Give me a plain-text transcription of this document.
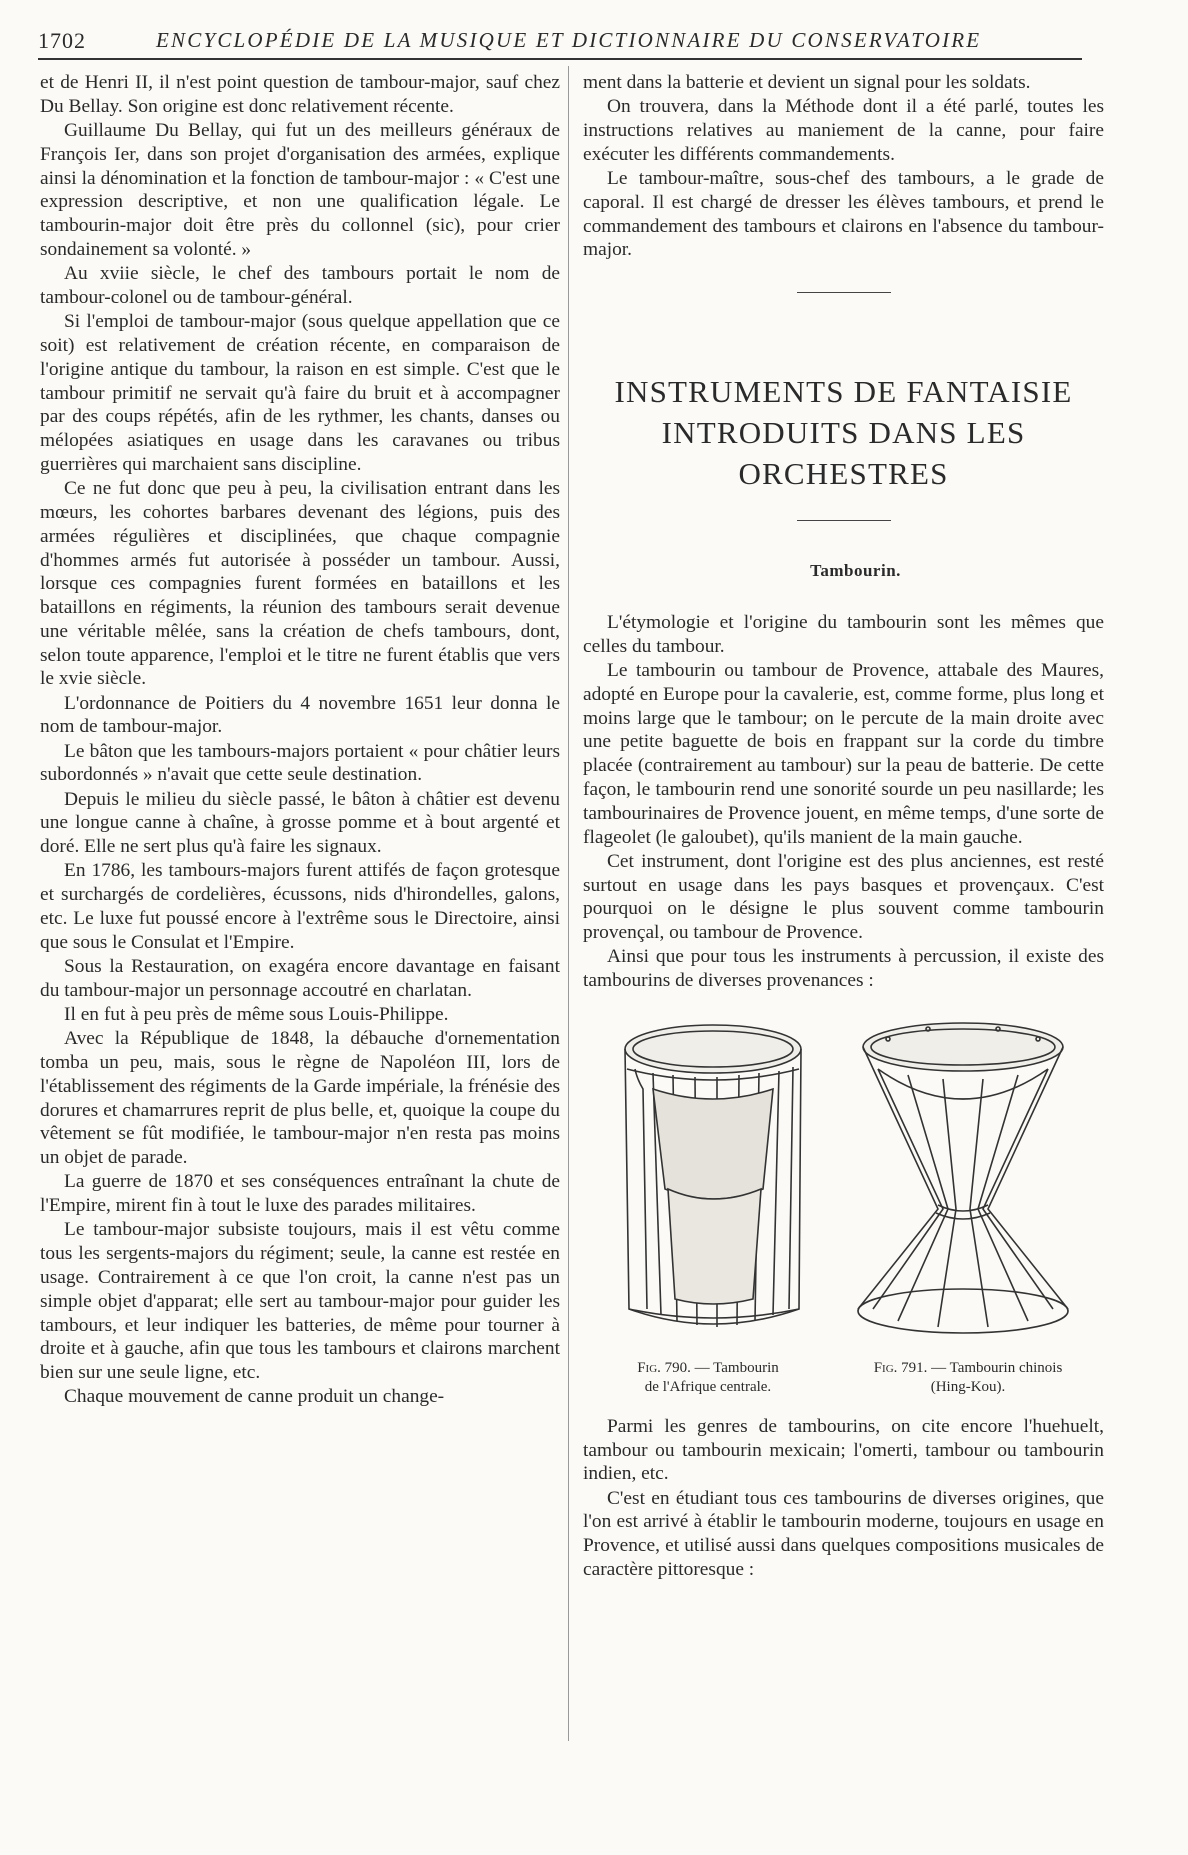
1702	ENCYCLOPÉDIE DE LA MUSIQUE ET DICTIONNAIRE DU CONSERVATOIRE

et de Henri II, il n'est point question de tambour-major, sauf chez Du Bellay. Son origine est donc relativement récente.

Guillaume Du Bellay, qui fut un des meilleurs généraux de François Ier, dans son projet d'organisation des armées, explique ainsi la dénomination et la fonction de tambour-major : « C'est une expression descriptive, et non une qualification légale. Le tambourin-major doit être près du collonnel (sic), pour crier sondainement sa volonté. »

Au xviie siècle, le chef des tambours portait le nom de tambour-colonel ou de tambour-général.

Si l'emploi de tambour-major (sous quelque appellation que ce soit) est relativement de création récente, en comparaison de l'origine antique du tambour, la raison en est simple. C'est que le tambour primitif ne servait qu'à faire du bruit et à accompagner par des coups répétés, afin de les rythmer, les chants, danses ou mélopées asiatiques en usage dans les caravanes ou tribus guerrières qui marchaient sans discipline.

Ce ne fut donc que peu à peu, la civilisation entrant dans les mœurs, les cohortes barbares devenant des légions, puis des armées régulières et disciplinées, que chaque compagnie d'hommes armés fut autorisée à posséder un tambour. Aussi, lorsque ces compagnies furent formées en bataillons et les bataillons en régiments, la réunion des tambours serait devenue une véritable mêlée, sans la création de chefs tambours, dont, selon toute apparence, l'emploi et le titre ne furent établis que vers le xvie siècle.

L'ordonnance de Poitiers du 4 novembre 1651 leur donna le nom de tambour-major.

Le bâton que les tambours-majors portaient « pour châtier leurs subordonnés » n'avait que cette seule destination.

Depuis le milieu du siècle passé, le bâton à châtier est devenu une longue canne à chaîne, à grosse pomme et à bout argenté et doré. Elle ne sert plus qu'à faire les signaux.

En 1786, les tambours-majors furent attifés de façon grotesque et surchargés de cordelières, écussons, nids d'hirondelles, galons, etc. Le luxe fut poussé encore à l'extrême sous le Directoire, ainsi que sous le Consulat et l'Empire.

Sous la Restauration, on exagéra encore davantage en faisant du tambour-major un personnage accoutré en charlatan.

Il en fut à peu près de même sous Louis-Philippe.

Avec la République de 1848, la débauche d'ornementation tomba un peu, mais, sous le règne de Napoléon III, lors de l'établissement des régiments de la Garde impériale, la frénésie des dorures et chamarrures reprit de plus belle, et, quoique la coupe du vêtement se fût modifiée, le tambour-major n'en resta pas moins un objet de parade.

La guerre de 1870 et ses conséquences entraînant la chute de l'Empire, mirent fin à tout le luxe des parades militaires.

Le tambour-major subsiste toujours, mais il est vêtu comme tous les sergents-majors du régiment; seule, la canne est restée en usage. Contrairement à ce que l'on croit, la canne n'est pas un simple objet d'apparat; elle sert au tambour-major pour guider les tambours, et leur indiquer les batteries, de même pour tourner à droite et à gauche, afin que tous les tambours et clairons marchent bien sur une seule ligne, etc.

Chaque mouvement de canne produit un change-

ment dans la batterie et devient un signal pour les soldats.

On trouvera, dans la Méthode dont il a été parlé, toutes les instructions relatives au maniement de la canne, pour faire exécuter les différents commandements.

Le tambour-maître, sous-chef des tambours, a le grade de caporal. Il est chargé de dresser les élèves tambours, et prend le commandement des tambours et clairons en l'absence du tambour-major.

INSTRUMENTS DE FANTAISIE
INTRODUITS DANS LES ORCHESTRES

Tambourin.

L'étymologie et l'origine du tambourin sont les mêmes que celles du tambour.

Le tambourin ou tambour de Provence, attabale des Maures, adopté en Europe pour la cavalerie, est, comme forme, plus long et moins large que le tambour; on le percute de la main droite avec une petite baguette de bois en frappant sur la corde du timbre placée (contrairement au tambour) sur la peau de batterie. De cette façon, le tambourin rend une sonorité sourde un peu nasillarde; les tambourinaires de Provence jouent, en même temps, d'une sorte de flageolet (le galoubet), qu'ils manient de la main gauche.

Cet instrument, dont l'origine est des plus anciennes, est resté surtout en usage dans les pays basques et provençaux. C'est pourquoi on le désigne le plus souvent comme tambourin provençal, ou tambour de Provence.

Ainsi que pour tous les instruments à percussion, il existe des tambourins de diverses provenances :

Fig. 790. — Tambourin
de l'Afrique centrale.
Fig. 791. — Tambourin chinois
(Hing-Kou).

Parmi les genres de tambourins, on cite encore l'huehuelt, tambour ou tambourin mexicain; l'omerti, tambour ou tambourin indien, etc.

C'est en étudiant tous ces tambourins de diverses origines, que l'on est arrivé à établir le tambourin moderne, toujours en usage en Provence, et utilisé aussi dans quelques compositions musicales de caractère pittoresque :
